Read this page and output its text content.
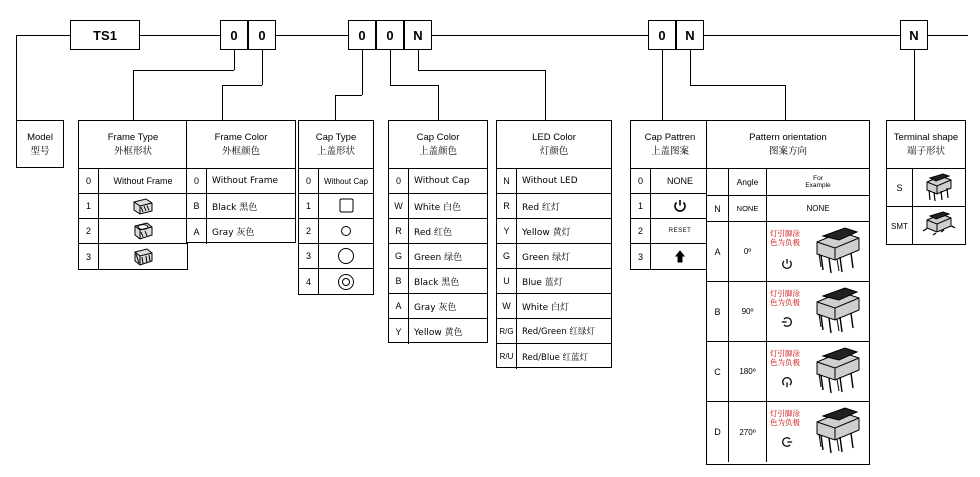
TS1	0 0	0 0 N	0 N	N
Model
型号
Frame Type
外框形状
0	Without Frame
1
2
3
Frame Color
外框颜色
0	Without Frame
B	Black 黑色
A	Gray 灰色
Cap Type
上盖形状
0	Without Cap
1
2
3
4
Cap Color
上盖颜色
0	Without Cap
W	White 白色
R	Red 红色
G	Green 绿色
B	Black 黑色
A	Gray 灰色
Y	Yellow 黄色
LED Color
灯颜色
N	Without LED
R	Red 红灯
Y	Yellow 黄灯
G	Green 绿灯
U	Blue 蓝灯
W	White 白灯
R/G Red/Green 红绿灯
R/U	Red/Blue 红蓝灯
Cap Pattren
上盖图案
0	NONE
1
2	RESET
3
Pattern orientation
图案方向
Angle	For
Example
N	NONE	NONE
A	0º
灯引脚涂
色为负极
B	90º
灯引脚涂
色为负极
C	180º
灯引脚涂
色为负极
D	270º
灯引脚涂
色为负极
Terminal shape
端子形状
S
SMT
